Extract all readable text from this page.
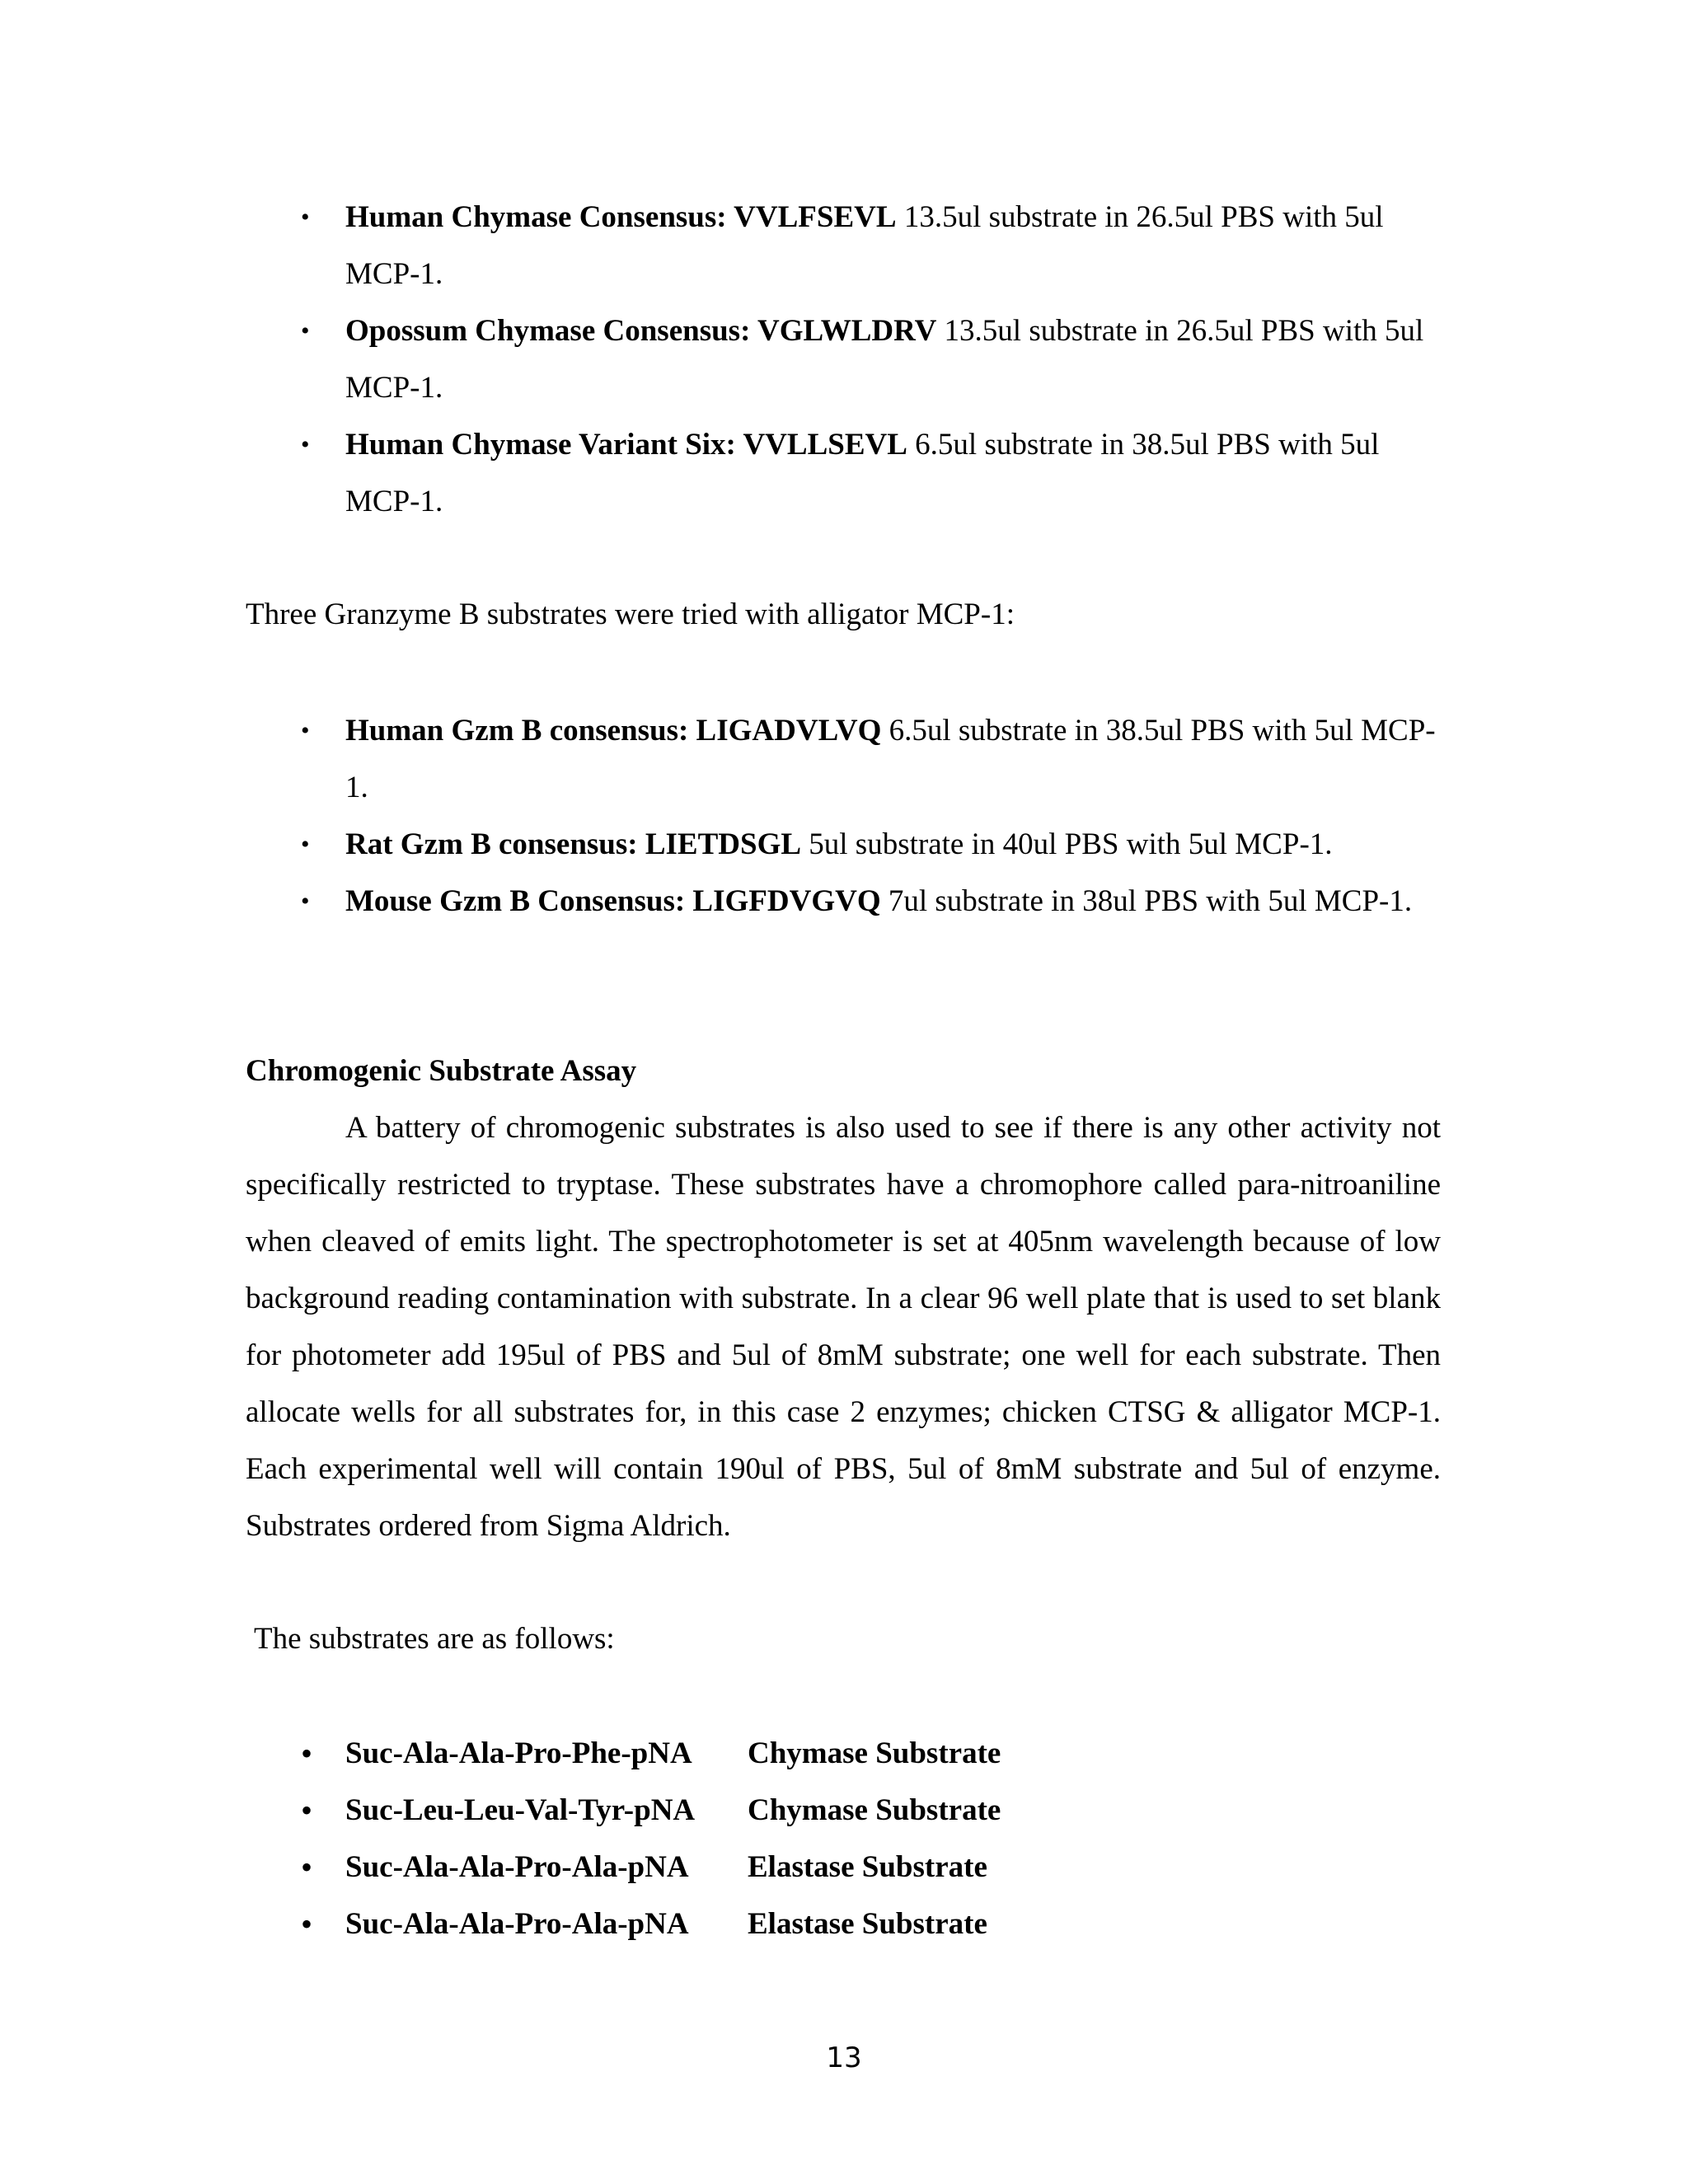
• Human Chymase Consensus: VVLFSEVL 13.5ul substrate in 26.5ul PBS with 5ul MCP-1.
• Opossum Chymase Consensus: VGLWLDRV 13.5ul substrate in 26.5ul PBS with 5ul MCP-1.
• Human Chymase Variant Six: VVLLSEVL 6.5ul substrate in 38.5ul PBS with 5ul MCP-1.
Three Granzyme B substrates were tried with alligator MCP-1:
• Human Gzm B consensus: LIGADVLVQ 6.5ul substrate in 38.5ul PBS with 5ul MCP-1.
• Rat Gzm B consensus: LIETDSGL 5ul substrate in 40ul PBS with 5ul MCP-1.
• Mouse Gzm B Consensus: LIGFDVGVQ 7ul substrate in 38ul PBS with 5ul MCP-1.
Chromogenic Substrate Assay
A battery of chromogenic substrates is also used to see if there is any other activity not specifically restricted to tryptase. These substrates have a chromophore called para-nitroaniline when cleaved of emits light. The spectrophotometer is set at 405nm wavelength because of low background reading contamination with substrate. In a clear 96 well plate that is used to set blank for photometer add 195ul of PBS and 5ul of 8mM substrate; one well for each substrate. Then allocate wells for all substrates for, in this case 2 enzymes; chicken CTSG & alligator MCP-1. Each experimental well will contain 190ul of PBS, 5ul of 8mM substrate and 5ul of enzyme. Substrates ordered from Sigma Aldrich.
The substrates are as follows:
• Suc-Ala-Ala-Pro-Phe-pNA Chymase Substrate
• Suc-Leu-Leu-Val-Tyr-pNA Chymase Substrate
• Suc-Ala-Ala-Pro-Ala-pNA Elastase Substrate
• Suc-Ala-Ala-Pro-Ala-pNA Elastase Substrate
13
